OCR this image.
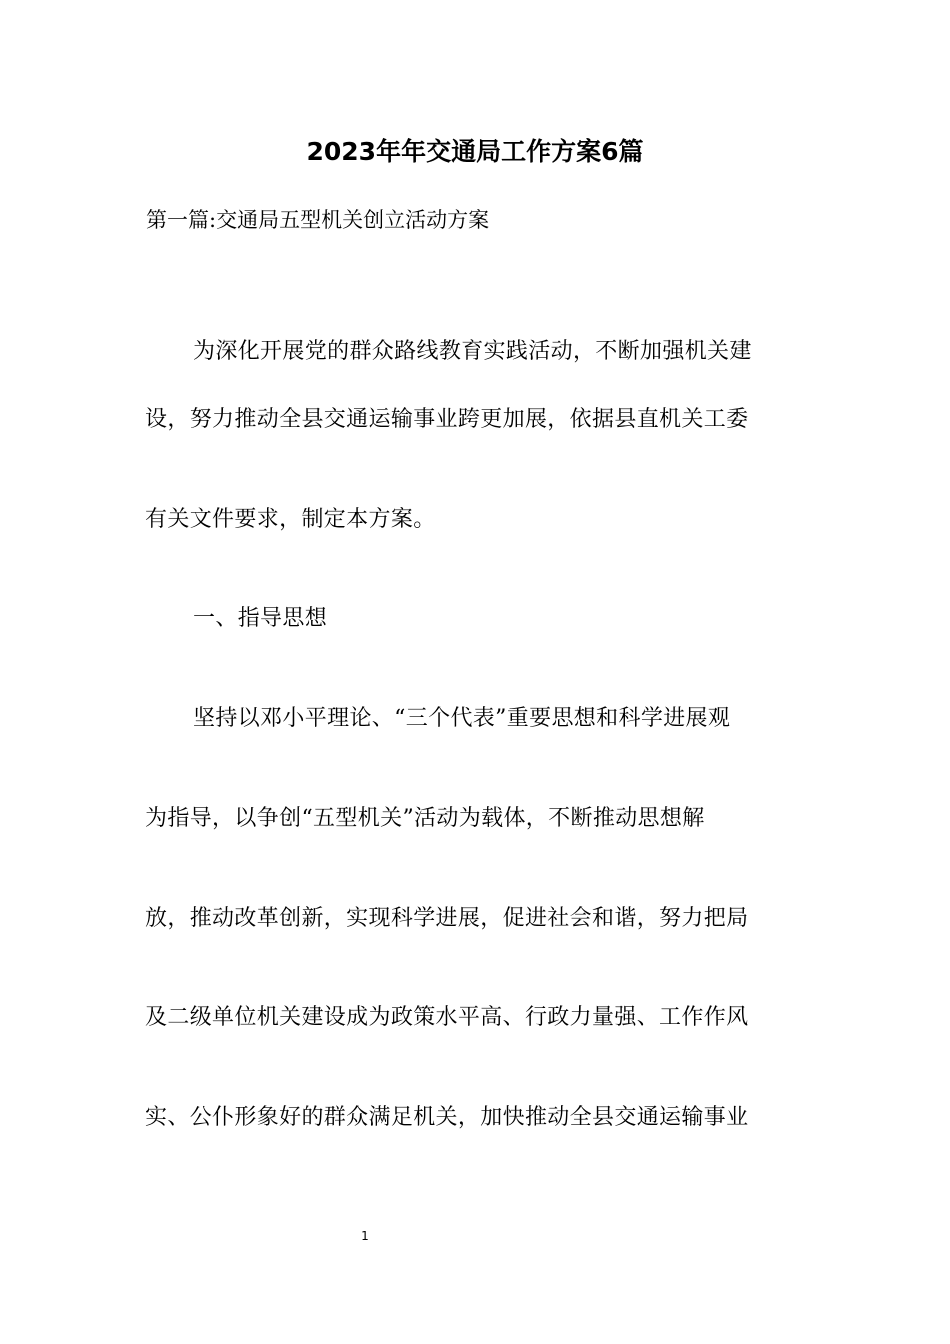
2023年年交通局工作方案6篇
第一篇:交通局五型机关创立活动方案
为深化开展党的群众路线教育实践活动，不断加强机关建
设，努力推动全县交通运输事业跨更加展，依据县直机关工委
有关文件要求，制定本方案。
一、指导思想
坚持以邓小平理论、“三个代表”重要思想和科学进展观
为指导，以争创“五型机关”活动为载体，不断推动思想解
放，推动改革创新，实现科学进展，促进社会和谐，努力把局
及二级单位机关建设成为政策水平高、行政力量强、工作作风
实、公仆形象好的群众满足机关，加快推动全县交通运输事业
1
